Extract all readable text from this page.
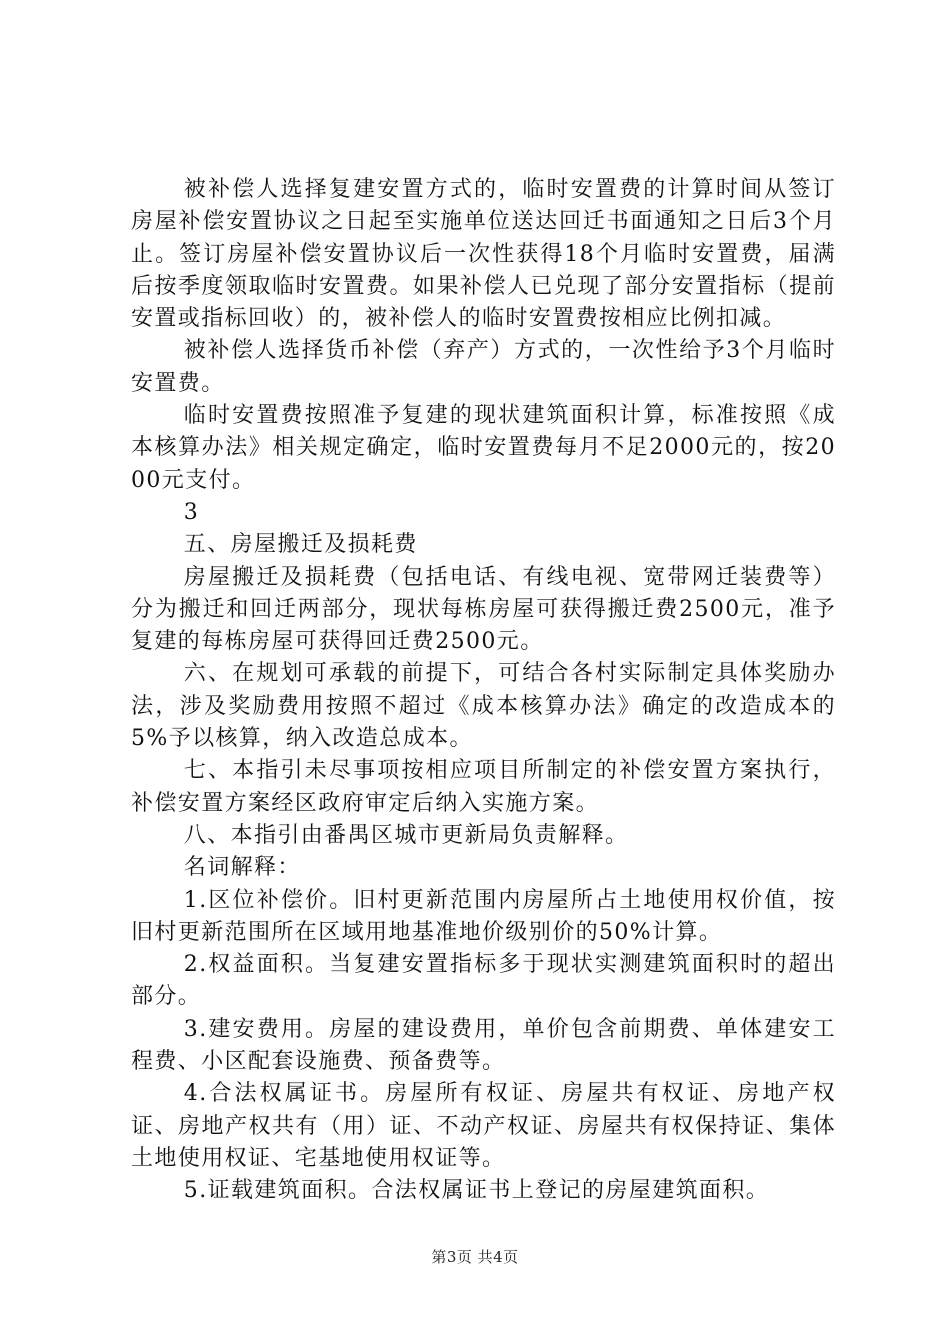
被补偿人选择复建安置方式的，临时安置费的计算时间从签订房屋补偿安置协议之日起至实施单位送达回迁书面通知之日后3个月止。签订房屋补偿安置协议后一次性获得18个月临时安置费，届满后按季度领取临时安置费。如果补偿人已兑现了部分安置指标（提前安置或指标回收）的，被补偿人的临时安置费按相应比例扣减。

被补偿人选择货币补偿（弃产）方式的，一次性给予3个月临时安置费。

临时安置费按照准予复建的现状建筑面积计算，标准按照《成本核算办法》相关规定确定，临时安置费每月不足2000元的，按2000元支付。

3

五、房屋搬迁及损耗费

房屋搬迁及损耗费（包括电话、有线电视、宽带网迁装费等）分为搬迁和回迁两部分，现状每栋房屋可获得搬迁费2500元，准予复建的每栋房屋可获得回迁费2500元。

六、在规划可承载的前提下，可结合各村实际制定具体奖励办法，涉及奖励费用按照不超过《成本核算办法》确定的改造成本的5%予以核算，纳入改造总成本。

七、本指引未尽事项按相应项目所制定的补偿安置方案执行，补偿安置方案经区政府审定后纳入实施方案。

八、本指引由番禺区城市更新局负责解释。

名词解释：

1.区位补偿价。旧村更新范围内房屋所占土地使用权价值，按旧村更新范围所在区域用地基准地价级别价的50%计算。

2.权益面积。当复建安置指标多于现状实测建筑面积时的超出部分。

3.建安费用。房屋的建设费用，单价包含前期费、单体建安工程费、小区配套设施费、预备费等。

4.合法权属证书。房屋所有权证、房屋共有权证、房地产权证、房地产权共有（用）证、不动产权证、房屋共有权保持证、集体土地使用权证、宅基地使用权证等。

5.证载建筑面积。合法权属证书上登记的房屋建筑面积。

第3页 共4页
